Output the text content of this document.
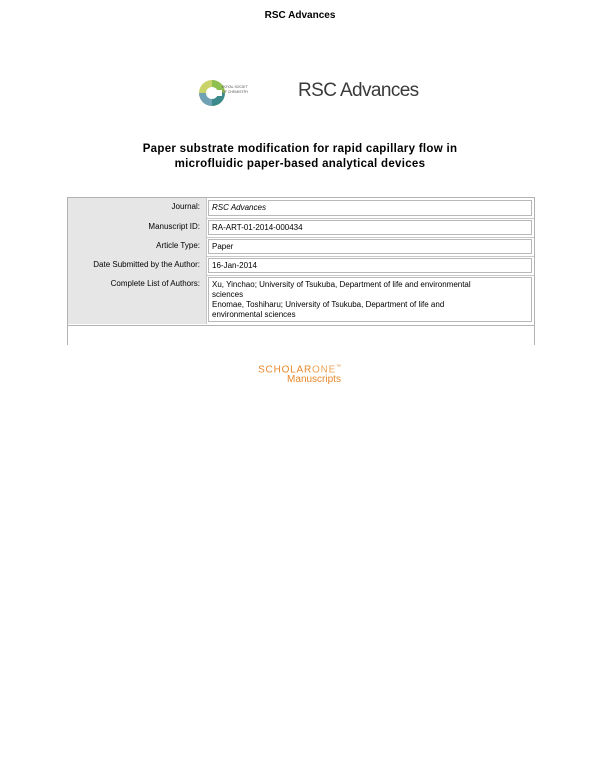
RSC Advances
ROYAL SOCIETY
OF CHEMISTRY	RSC Advances
Paper substrate modification for rapid capillary flow in
microfluidic paper-based analytical devices
Journal:	RSC Advances
Manuscript ID:	RA-ART-01-2014-000434
Article Type:	Paper
Date Submitted by the Author:	16-Jan-2014
Complete List of Authors:	Xu, Yinchao; University of Tsukuba, Department of life and environmental
sciences
Enomae, Toshiharu; University of Tsukuba, Department of life and
environmental sciences
SCHOLARONE™
Manuscripts
